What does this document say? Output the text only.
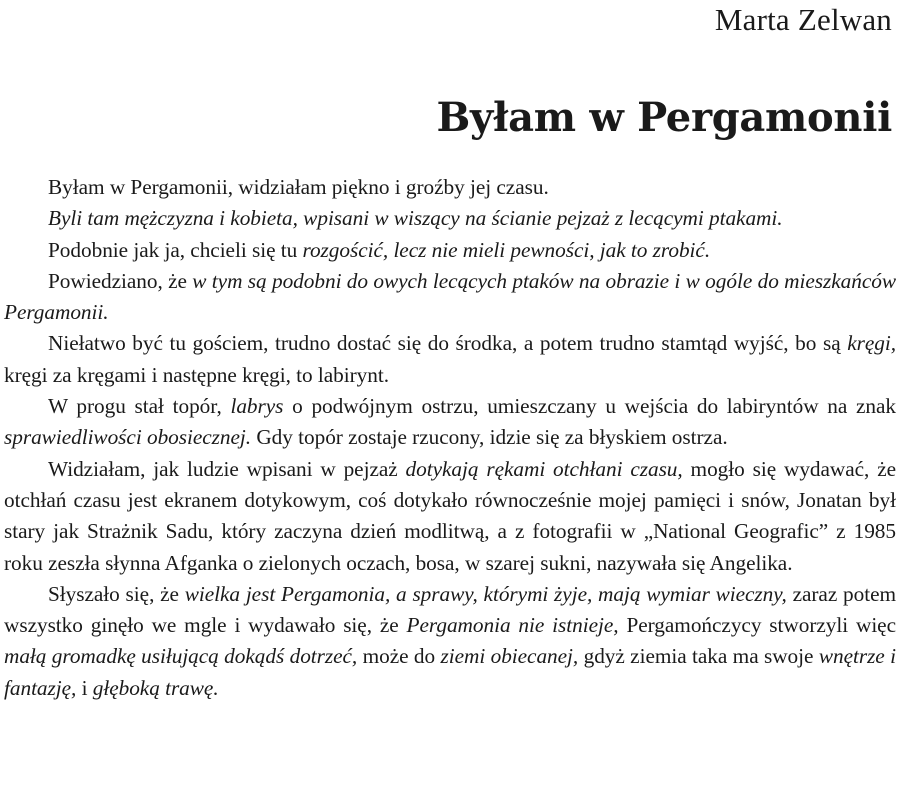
Marta Zelwan
Byłam w Pergamonii

Byłam w Pergamonii, widziałam piękno i groźby jej czasu.

Byli tam mężczyzna i kobieta, wpisani w wiszący na ścianie pejzaż z lecącymi ptakami.

Podobnie jak ja, chcieli się tu rozgościć, lecz nie mieli pewności, jak to zrobić.

Powiedziano, że w tym są podobni do owych lecących ptaków na obrazie i w ogóle do mieszkańców Pergamonii.

Niełatwo być tu gościem, trudno dostać się do środka, a potem trudno stamtąd wyjść, bo są kręgi, kręgi za kręgami i następne kręgi, to labirynt.

W progu stał topór, labrys o podwójnym ostrzu, umieszczany u wejścia do labiryntów na znak sprawiedliwości obosiecznej. Gdy topór zostaje rzucony, idzie się za błyskiem ostrza.

Widziałam, jak ludzie wpisani w pejzaż dotykają rękami otchłani czasu, mogło się wydawać, że otchłań czasu jest ekranem dotykowym, coś dotykało równocześnie mojej pamięci i snów, Jonatan był stary jak Strażnik Sadu, który zaczyna dzień modlitwą, a z fotografii w „National Geografic” z 1985 roku zeszła słynna Afganka o zielonych oczach, bosa, w szarej sukni, nazywała się Angelika.

Słyszało się, że wielka jest Pergamonia, a sprawy, którymi żyje, mają wymiar wieczny, zaraz potem wszystko ginęło we mgle i wydawało się, że Pergamonia nie istnieje, Pergamończycy stworzyli więc małą gromadkę usiłującą dokądś dotrzeć, może do ziemi obiecanej, gdyż ziemia taka ma swoje wnętrze i fantazję, i głęboką trawę.
